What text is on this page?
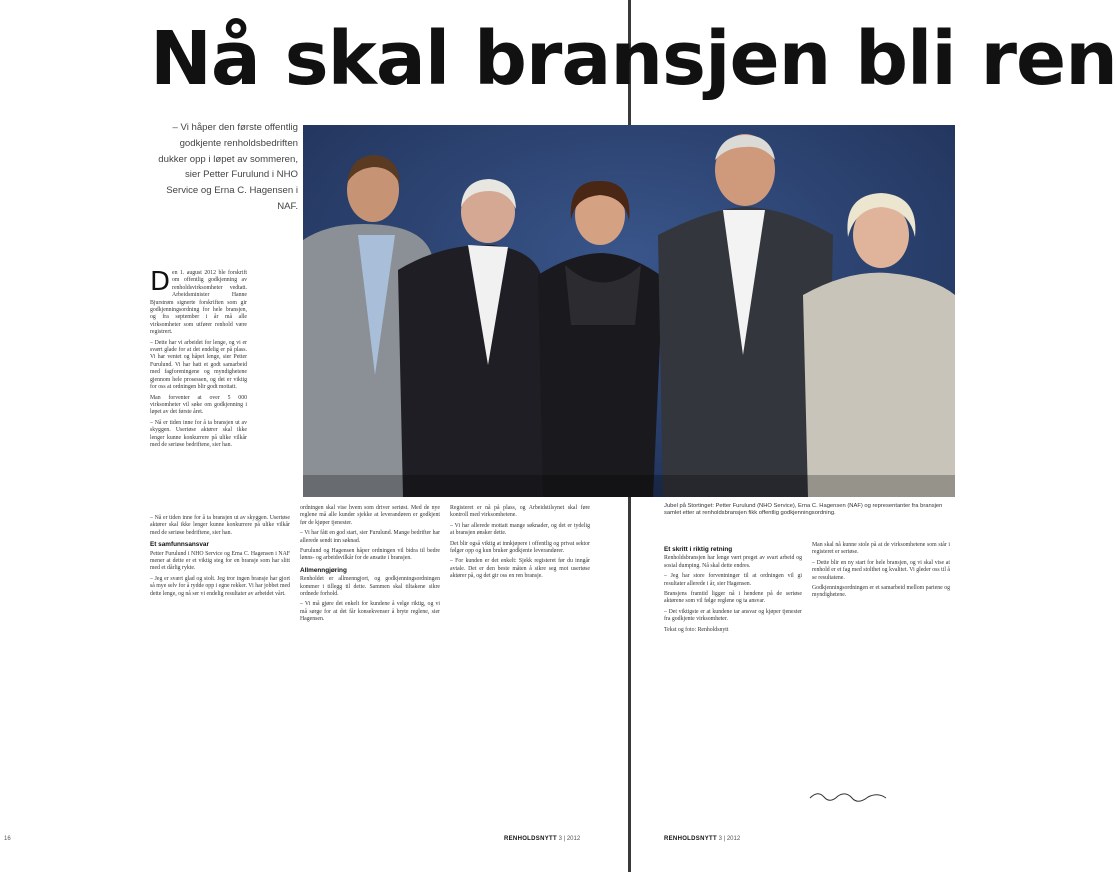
Nå skal bransjen bli ren
– Vi håper den første offentlig godkjente renholdsbedriften dukker opp i løpet av sommeren, sier Petter Furulund i NHO Service og Erna C. Hagensen i NAF.
D en 1. august 2012 ble forskrift om offentlig godkjenning av renholdsvirksomheter vedtatt. Arbeidsminister Hanne Bjurstrøm signerte forskriften som gir godkjenningsordning for hele bransjen, og fra september i år må alle virksomheter som utfører renhold være registrert.

– Dette har vi arbeidet for lenge, og vi er svært glade for at det endelig er på plass. Vi har ventet og håpet lenge, sier Petter Furulund. Vi har hatt et godt samarbeid med fagforeningene og myndighetene gjennom hele prosessen, og det er viktig for oss at ordningen blir godt mottatt.

Man forventer at over 5 000 virksomheter vil søke om godkjenning i løpet av det første året.

– Nå er tiden inne for å ta bransjen ut av skyggen. Useriøse aktører skal ikke lenger kunne konkurrere på ulike vilkår med de seriøse bedriftene, sier han.

– Nå er tiden inne for å ta bransjen ut av skyggen. Useriøse aktører skal ikke lenger kunne konkurrere på ulike vilkår med de seriøse bedriftene, sier han.

Et samfunnsansvar

Petter Furulund i NHO Service og Erna C. Hagensen i NAF mener at dette er et viktig steg for en bransje som har slitt med et dårlig rykte.

– Jeg er svært glad og stolt. Jeg tror ingen bransje har gjort så mye selv for å rydde opp i egne rekker. Vi har jobbet med dette lenge, og nå ser vi endelig resultater av arbeidet vårt.

ordningen skal vise hvem som driver seriøst. Med de nye reglene må alle kunder sjekke at leverandøren er godkjent før de kjøper tjenester.

– Vi har fått en god start, sier Furulund. Mange bedrifter har allerede sendt inn søknad.

Furulund og Hagensen håper ordningen vil bidra til bedre lønns- og arbeidsvilkår for de ansatte i bransjen.

Allmenngjøring

Renholdet er allmenngjort, og godkjenningsordningen kommer i tillegg til dette. Sammen skal tiltakene sikre ordnede forhold.

– Vi må gjøre det enkelt for kundene å velge riktig, og vi må sørge for at det får konsekvenser å bryte reglene, sier Hagensen.

Registeret er nå på plass, og Arbeidstilsynet skal føre kontroll med virksomhetene.

– Vi har allerede mottatt mange søknader, og det er tydelig at bransjen ønsker dette.

Det blir også viktig at innkjøpere i offentlig og privat sektor følger opp og kun bruker godkjente leverandører.

– For kunden er det enkelt: Sjekk registeret før du inngår avtale. Det er den beste måten å sikre seg mot useriøse aktører på, og det gir oss en ren bransje.

Jubel på Stortinget: Petter Furulund (NHO Service), Erna C. Hagensen (NAF) og representanter fra bransjen samlet etter at renholdsbransjen fikk offentlig godkjenningsordning.
Et skritt i riktig retning

Renholdsbransjen har lenge vært preget av svart arbeid og sosial dumping. Nå skal dette endres.

– Jeg har store forventninger til at ordningen vil gi resultater allerede i år, sier Hagensen.

Bransjens framtid ligger nå i hendene på de seriøse aktørene som vil følge reglene og ta ansvar.

– Det viktigste er at kundene tar ansvar og kjøper tjenester fra godkjente virksomheter.

Tekst og foto: Renholdsnytt

Man skal nå kunne stole på at de virksomhetene som står i registeret er seriøse.

– Dette blir en ny start for hele bransjen, og vi skal vise at renhold er et fag med stolthet og kvalitet. Vi gleder oss til å se resultatene.

Godkjenningsordningen er et samarbeid mellom partene og myndighetene.

16	RENHOLDSNYTT 3 | 2012	RENHOLDSNYTT 3 | 2012
